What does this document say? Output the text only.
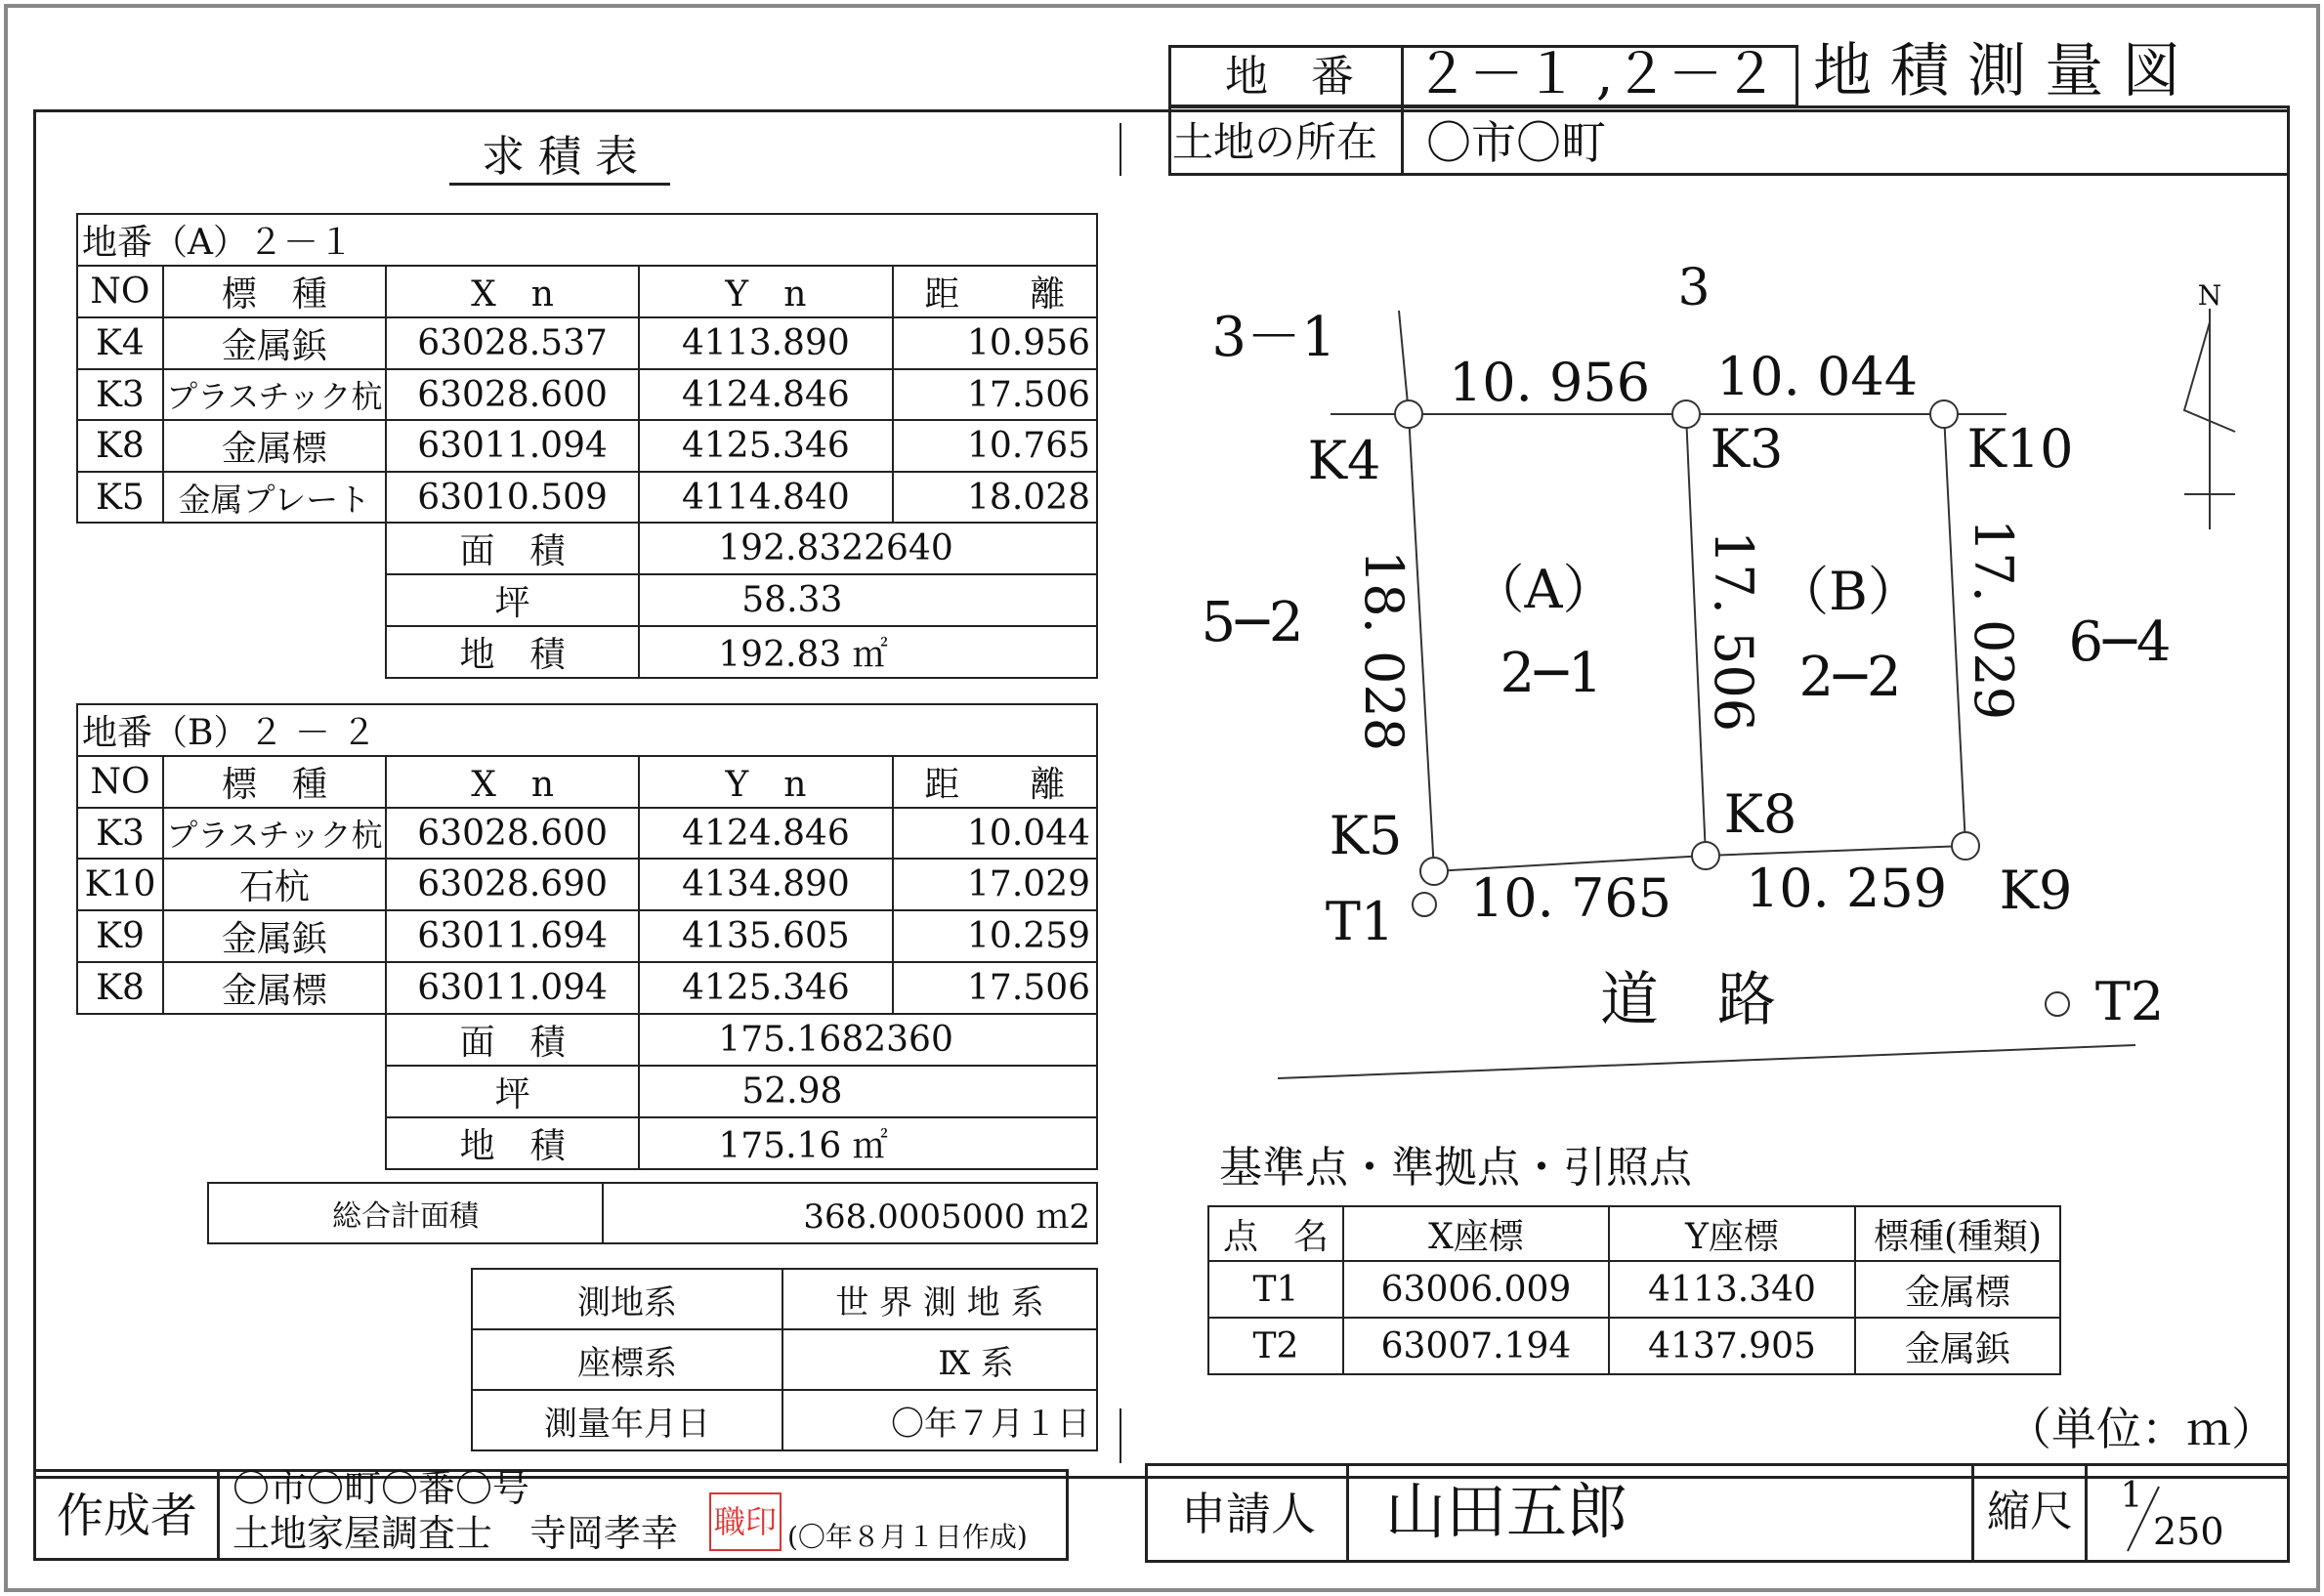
地　番	２－１ ,２－２ 地 積 測 量 図
土地の所在	〇市〇町
求 積 表
地番（A）２－１				
NO	標　種	X　n	Y　n	距　　離
K4	金属鋲	63028.537	4113.890	10.956
K3	プラスチック杭	63028.600	4124.846	17.506
K8	金属標	63011.094	4125.346	10.765
K5	金属プレート	63010.509	4114.840	18.028
		面　積	192.8322640	
		坪	58.33	
		地　積	192.83 ㎡	
地番（B）２ － ２				
NO	標　種	X　n	Y　n	距　　離
K3	プラスチック杭	63028.600	4124.846	10.044
K10	石杭	63028.690	4134.890	17.029
K9	金属鋲	63011.694	4135.605	10.259
K8	金属標	63011.094	4125.346	17.506
		面　積	175.1682360	
		坪	52.98	
		地　積	175.16 ㎡	
総合計面積	368.0005000 ｍ2
測地系	世 界 測 地 系
座標系	Ⅸ 系
測量年月日	〇年７月１日
N
3
3－1
5─2	6─4
道　路
（A）
2─1
（B）
2─2
K4	K3	K10
K5	K8
K9
T1
T2
10. 956 10. 044
18. 028	17. 506	17. 029
10. 765 10. 259
基準点・準拠点・引照点
点　名	X座標	Y座標	標種(種類)
T1	63006.009	4113.340	金属標
T2	63007.194	4137.905	金属鋲
（単位：ｍ）
作成者 〇市〇町〇番〇号
土地家屋調査士　寺岡孝幸	職印 (〇年８月１日作成)	申請人	山田五郎	縮尺 1
250
